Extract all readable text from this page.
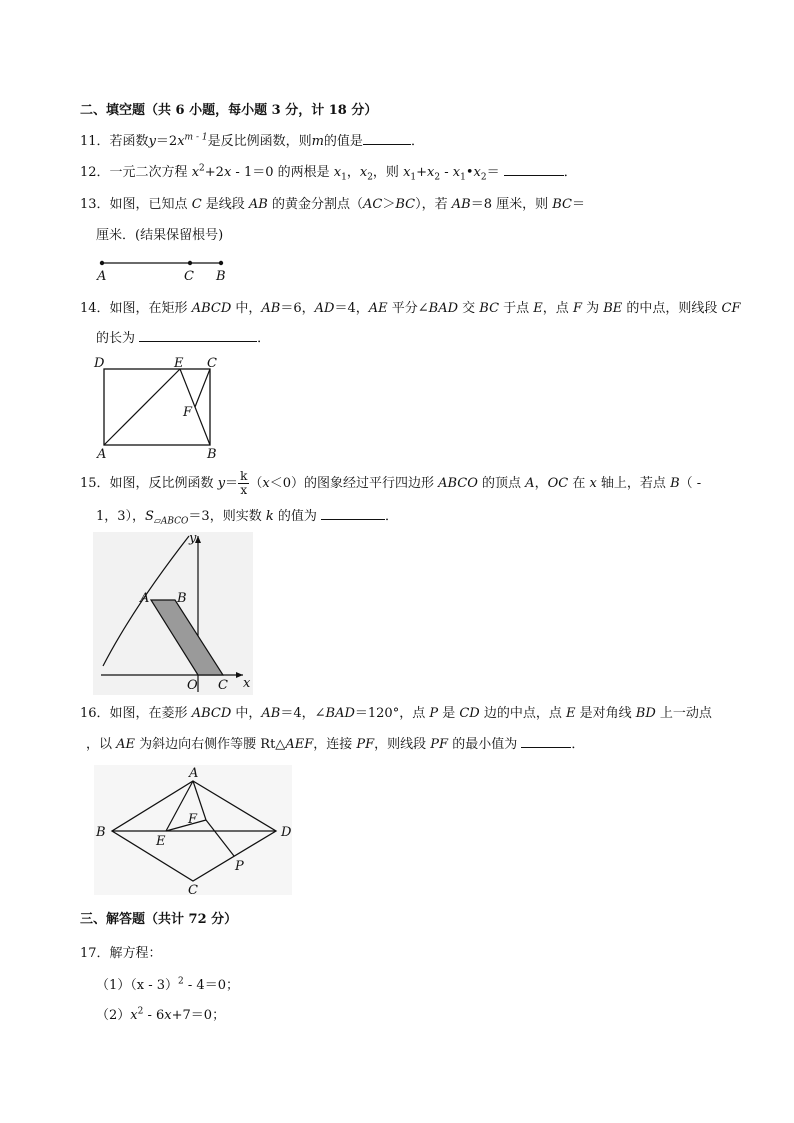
二、填空题（共 6 小题，每小题 3 分，计 18 分）
11．若函数$y=2x^{m - 1}$是反比例函数，则m的值是	．
12．一元二次方程 $x^2+2x - 1=0$ 的两根是 $x_1$，$x_2$，则 $x_1+x_2$ - $x_1•x_2=$	．
13．如图，已知点 C 是线段 AB 的黄金分割点（AC＞BC），若 AB＝8 厘米，则 BC＝
厘米．(结果保留根号)
A	C B
14．如图，在矩形 ABCD 中，AB＝6，AD＝4，AE 平分∠BAD 交 BC 于点 E，点 F 为 BE 的中点，则线段 CF
的长为	．
D	E C
F
A	B
15．如图，反比例函数 $y= \frac{k}{x} (x<0)$的图象经过平行四边形 ABCO 的顶点 A，OC 在 x 轴上，若点 B（ -
1，3），$S_{▱ABCO}=3$，则实数 k 的值为	．
y
A B
O C x
16．如图，在菱形 ABCD 中，AB＝4，∠BAD＝120°，点 P 是 CD 边的中点，点 E 是对角线 BD 上一动点
，以 AE 为斜边向右侧作等腰 Rt△AEF，连接 PF，则线段 PF 的最小值为	．
A
B	D
C
E
F
P
三、解答题（共计 72 分）
17．解方程：
（1）（x - 3）$^2$ - 4＝0；
$(2)x^2 - 6x+7=0$；
